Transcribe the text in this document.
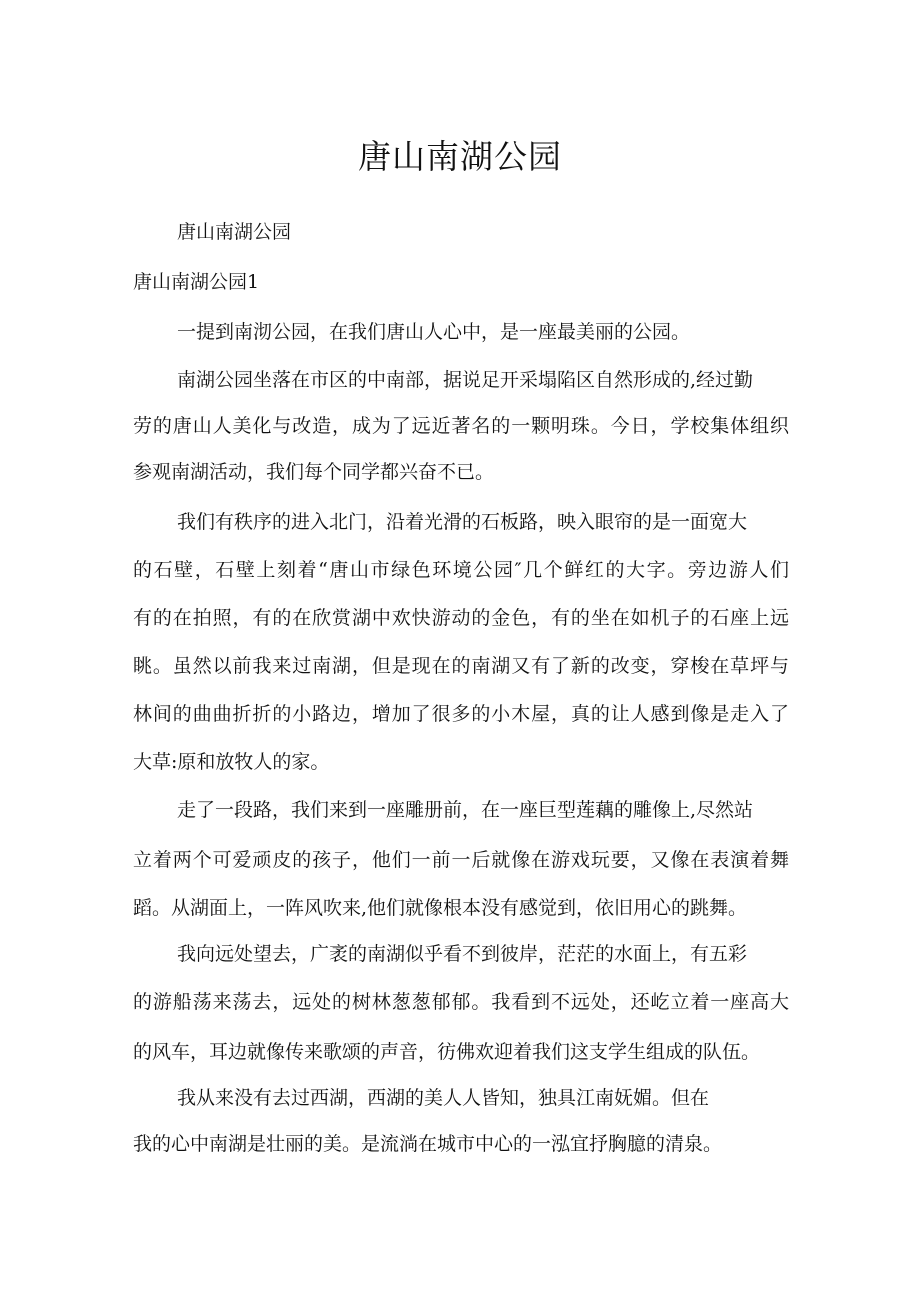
唐山南湖公园

唐山南湖公园

唐山南湖公园1

一提到南沏公园，在我们唐山人心中，是一座最美丽的公园。

南湖公园坐落在市区的中南部，据说足开采塌陷区自然形成的,经过勤

劳的唐山人美化与改造，成为了远近著名的一颗明珠。今日，学校集体组织

参观南湖活动，我们每个同学都兴奋不已。

我们有秩序的进入北门，沿着光滑的石板路，映入眼帘的是一面宽大

的石壁，石壁上刻着“唐山市绿色环境公园″几个鲜红的大字。旁边游人们

有的在拍照，有的在欣赏湖中欢快游动的金色，有的坐在如机子的石座上远

眺。虽然以前我来过南湖，但是现在的南湖又有了新的改变，穿梭在草坪与

林间的曲曲折折的小路边，增加了很多的小木屋，真的让人感到像是走入了

大草:原和放牧人的家。

走了一段路，我们来到一座雕册前，在一座巨型莲藕的雕像上,尽然站

立着两个可爱顽皮的孩子，他们一前一后就像在游戏玩要，又像在表演着舞

蹈。从湖面上，一阵风吹来,他们就像根本没有感觉到，依旧用心的跳舞。

我向远处望去，广袤的南湖似乎看不到彼岸，茫茫的水面上，有五彩

的游船荡来荡去，远处的树林葱葱郁郁。我看到不远处，还屹立着一座高大

的风车，耳边就像传来歌颂的声音，彷佛欢迎着我们这支学生组成的队伍。

我从来没有去过西湖，西湖的美人人皆知，独具江南妩媚。但在

我的心中南湖是壮丽的美。是流淌在城市中心的一泓宜抒胸臆的清泉。
